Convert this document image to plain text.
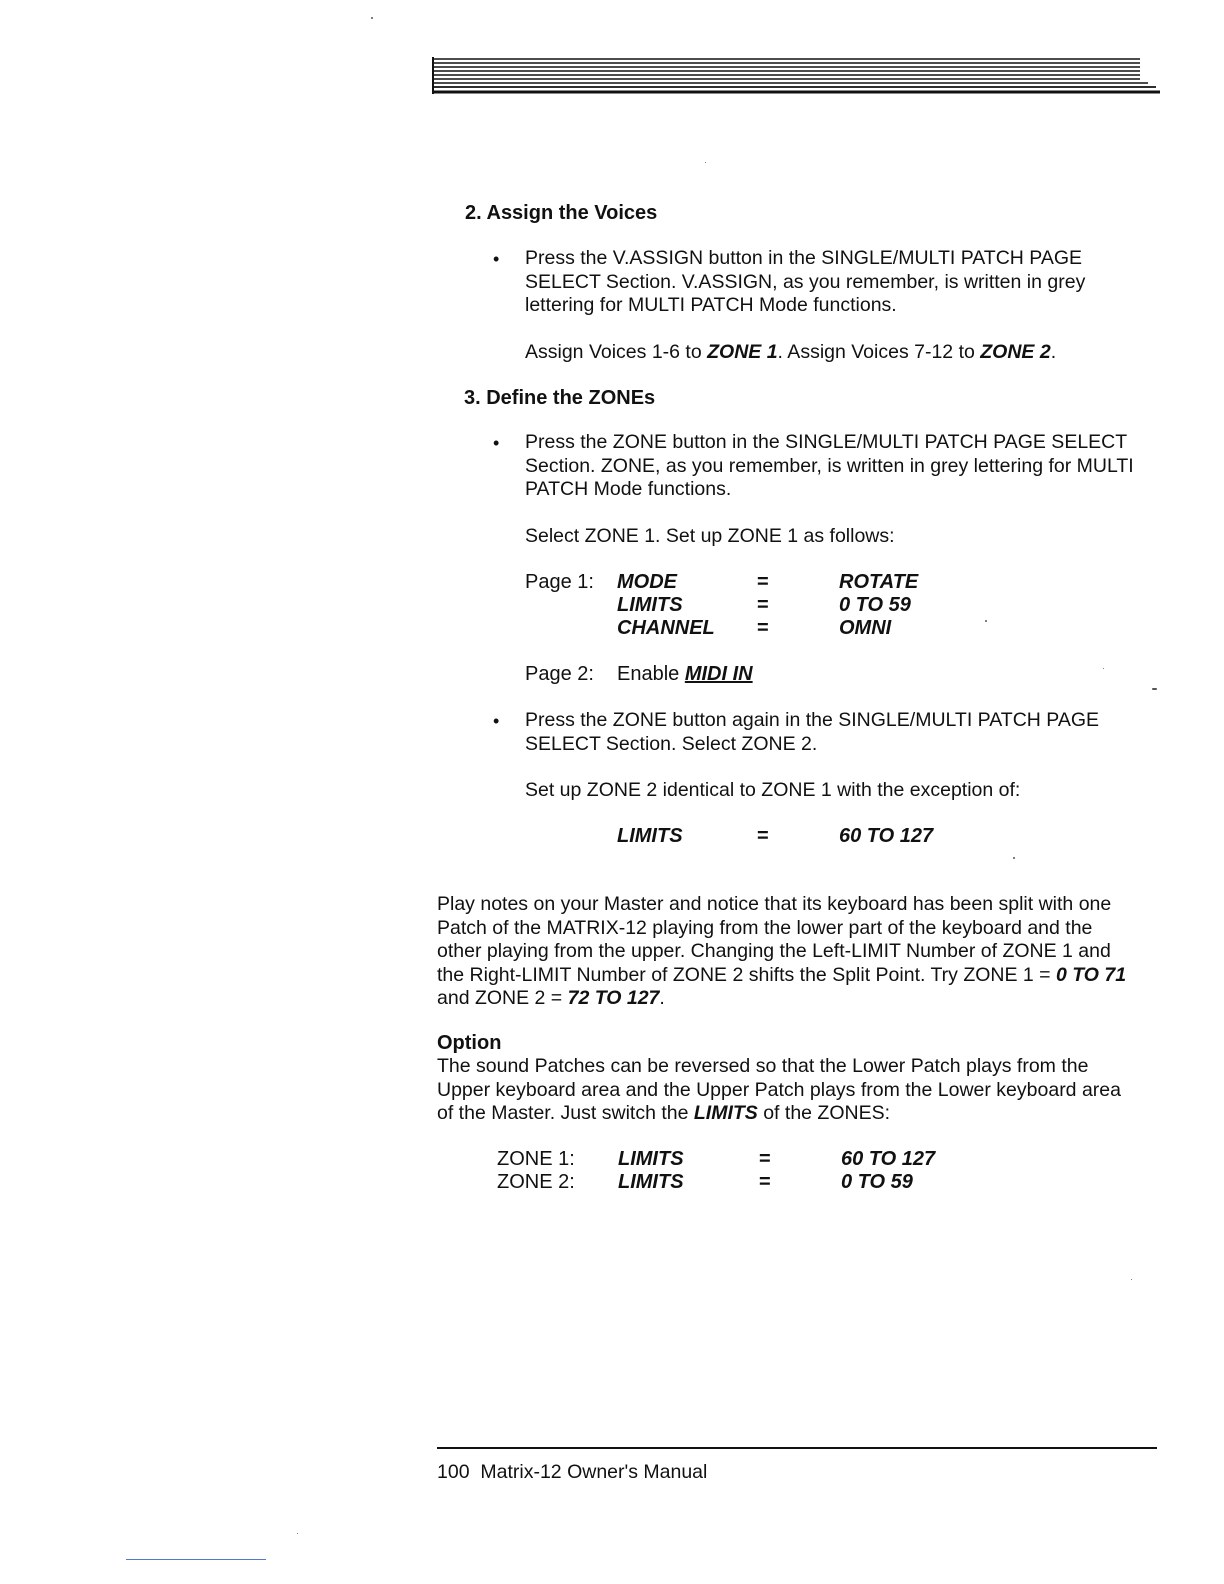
2. Assign the Voices
• Press the V.ASSIGN button in the SINGLE/MULTI PATCH PAGE SELECT Section. V.ASSIGN, as you remember, is written in grey lettering for MULTI PATCH Mode functions.
Assign Voices 1-6 to ZONE 1. Assign Voices 7-12 to ZONE 2.
3. Define the ZONEs
• Press the ZONE button in the SINGLE/MULTI PATCH PAGE SELECT Section. ZONE, as you remember, is written in grey lettering for MULTI PATCH Mode functions.
Select ZONE 1. Set up ZONE 1 as follows:
Page 1: MODE	=	ROTATE
LIMITS	=	0 TO 59
CHANNEL =	OMNI
Page 2: Enable MIDI IN
• Press the ZONE button again in the SINGLE/MULTI PATCH PAGE SELECT Section. Select ZONE 2.
Set up ZONE 2 identical to ZONE 1 with the exception of:
LIMITS	=	60 TO 127
Play notes on your Master and notice that its keyboard has been split with one Patch of the MATRIX-12 playing from the lower part of the keyboard and the other playing from the upper. Changing the Left-LIMIT Number of ZONE 1 and the Right-LIMIT Number of ZONE 2 shifts the Split Point. Try ZONE 1 = 0 TO 71 and ZONE 2 = 72 TO 127.
Option
The sound Patches can be reversed so that the Lower Patch plays from the Upper keyboard area and the Upper Patch plays from the Lower keyboard area of the Master. Just switch the LIMITS of the ZONES:
ZONE 1: LIMITS	=	60 TO 127
ZONE 2: LIMITS	=	0 TO 59
100 Matrix-12 Owner's Manual
